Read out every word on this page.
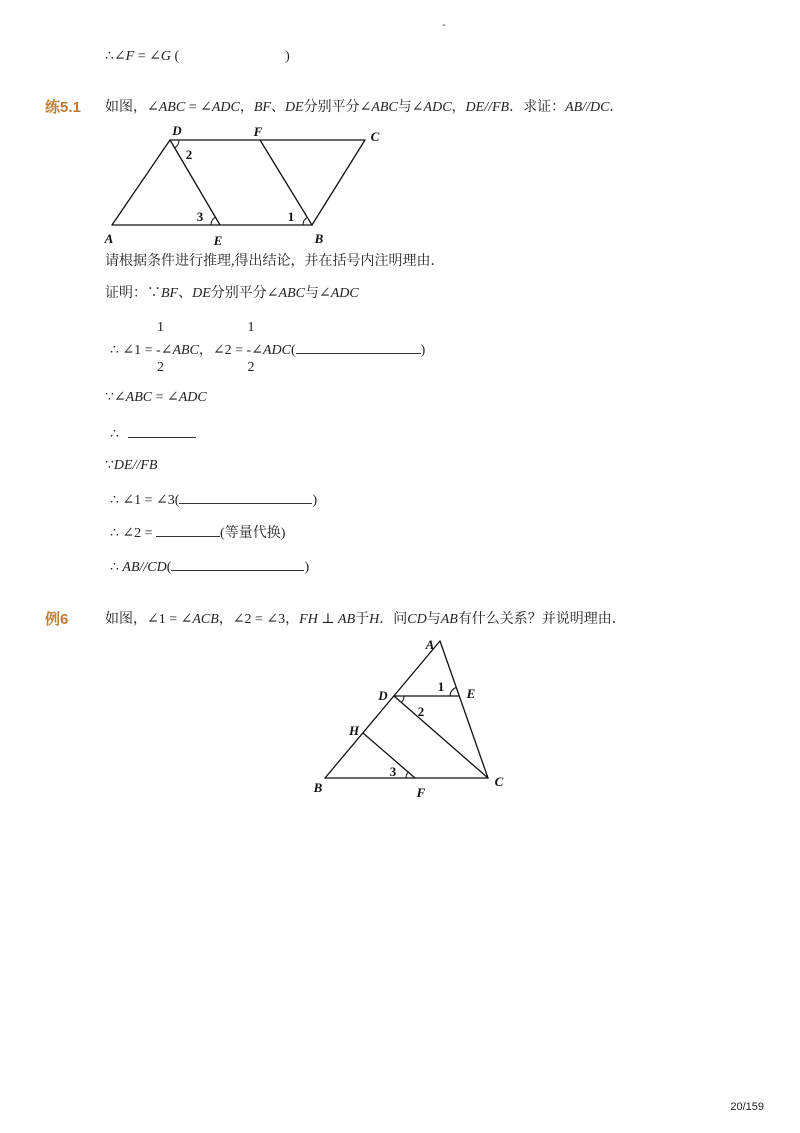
-
∴∠ F = ∠ G (	)
练5.1 如图，∠ ABC = ∠ ADC ， BF 、 DE 分别平分∠ ABC 与∠ ADC ， DE//FB ．求证： AB//DC ．
D	F	C
A	E	B
2
3	1
请根据条件进行推理,得出结论，并在括号内注明理由．
证明：∵ BF 、 DE 分别平分∠ ABC 与∠ ADC
∴ ∠1 =
1
-
2
∠ ABC ，∠2 =
1
-
2
∠ ADC (	)
∵∠ ABC = ∠ ADC
∴
∵ DE//FB
∴ ∠1 = ∠3(	)
∴ ∠2 =	(等量代换)
∴ AB//CD (	)
例6	如图，∠1 = ∠ ACB ，∠2 = ∠3， FH ⊥ AB 于 H ．问 CD 与 AB 有什么关系？并说明理由．
A
D	E
H
B	F
C
1
2
3
20/159
